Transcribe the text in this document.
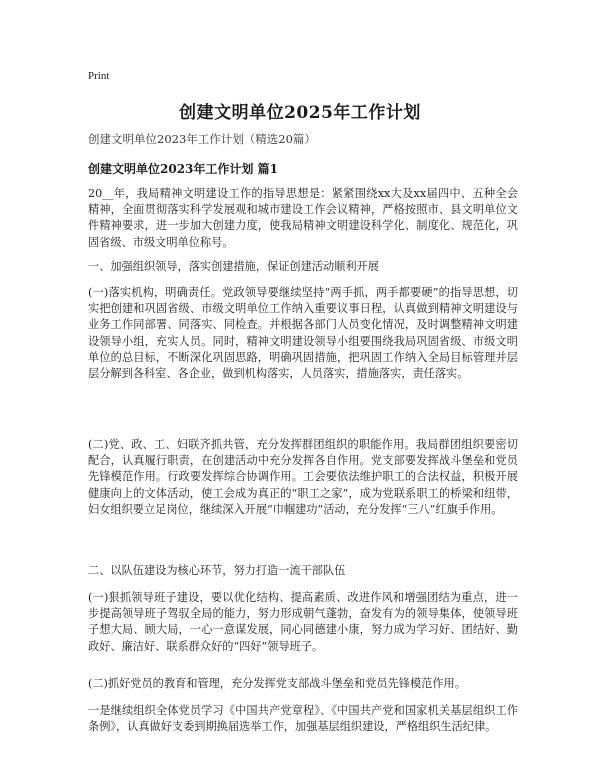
Print
创建文明单位2025年工作计划
创建文明单位2023年工作计划（精选20篇）
创建文明单位2023年工作计划 篇1

20__年，我局精神文明建设工作的指导思想是：紧紧围绕xx大及xx届四中、五种全会精神，全面贯彻落实科学发展观和城市建设工作会议精神，严格按照市、县文明单位文件精神要求，进一步加大创建力度，使我局精神文明建设科学化、制度化、规范化，巩固省级、市级文明单位称号。

一、加强组织领导，落实创建措施，保证创建活动顺利开展

(一)落实机构，明确责任。党政领导要继续坚持“两手抓，两手都要硬”的指导思想，切实把创建和巩固省级、市级文明单位工作纳入重要议事日程，认真做到精神文明建设与业务工作同部署、同落实、同检查。并根据各部门人员变化情况，及时调整精神文明建设领导小组，充实人员。同时，精神文明建设领导小组要围绕我局巩固省级、市级文明单位的总目标，不断深化巩固思路，明确巩固措施，把巩固工作纳入全局目标管理并层层分解到各科室、各企业，做到机构落实，人员落实，措施落实，责任落实。

(二)党、政、工、妇联齐抓共管，充分发挥群团组织的职能作用。我局群团组织要密切配合，认真履行职责，在创建活动中充分发挥各自作用。党支部要发挥战斗堡垒和党员先锋模范作用。行政要发挥综合协调作用。工会要依法维护职工的合法权益，积极开展健康向上的文体活动，使工会成为真正的“职工之家”，成为党联系职工的桥梁和纽带，妇女组织要立足岗位，继续深入开展“巾帼建功”活动，充分发挥“三八”红旗手作用。

二、以队伍建设为核心环节，努力打造一流干部队伍

(一)狠抓领导班子建设，要以优化结构、提高素质、改进作风和增强团结为重点，进一步提高领导班子驾驭全局的能力，努力形成朝气蓬勃，奋发有为的领导集体，使领导班子想大局、顾大局，一心一意谋发展，同心同德建小康，努力成为学习好、团结好、勤政好、廉洁好、联系群众好的“四好”领导班子。

(二)抓好党员的教育和管理，充分发挥党支部战斗堡垒和党员先锋模范作用。

一是继续组织全体党员学习《中国共产党章程》、《中国共产党和国家机关基层组织工作条例》，认真做好支委到期换届选举工作，加强基层组织建设，严格组织生活纪律。
